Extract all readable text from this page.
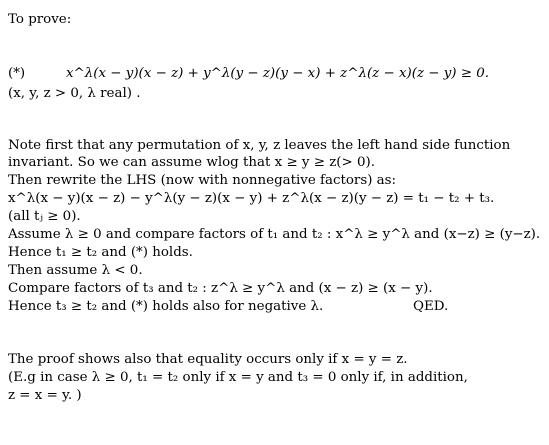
To prove:
(*)	x^λ(x − y)(x − z) + y^λ(y − z)(y − x) + z^λ(z − x)(z − y) ≥ 0.
(x, y, z > 0, λ real) .
Note first that any permutation of x, y, z leaves the left hand side function
invariant. So we can assume wlog that x ≥ y ≥ z(> 0).
Then rewrite the LHS (now with nonnegative factors) as:
x^λ(x − y)(x − z) − y^λ(y − z)(x − y) + z^λ(x − z)(y − z) = t₁ − t₂ + t₃.
(all tⱼ ≥ 0).
Assume λ ≥ 0 and compare factors of t₁ and t₂ : x^λ ≥ y^λ and (x−z) ≥ (y−z).
Hence t₁ ≥ t₂ and (*) holds.
Then assume λ < 0.
Compare factors of t₃ and t₂ : z^λ ≥ y^λ and (x − z) ≥ (x − y).
Hence t₃ ≥ t₂ and (*) holds also for negative λ.	QED.
The proof shows also that equality occurs only if x = y = z.
(E.g in case λ ≥ 0, t₁ = t₂ only if x = y and t₃ = 0 only if, in addition,
z = x = y. )
